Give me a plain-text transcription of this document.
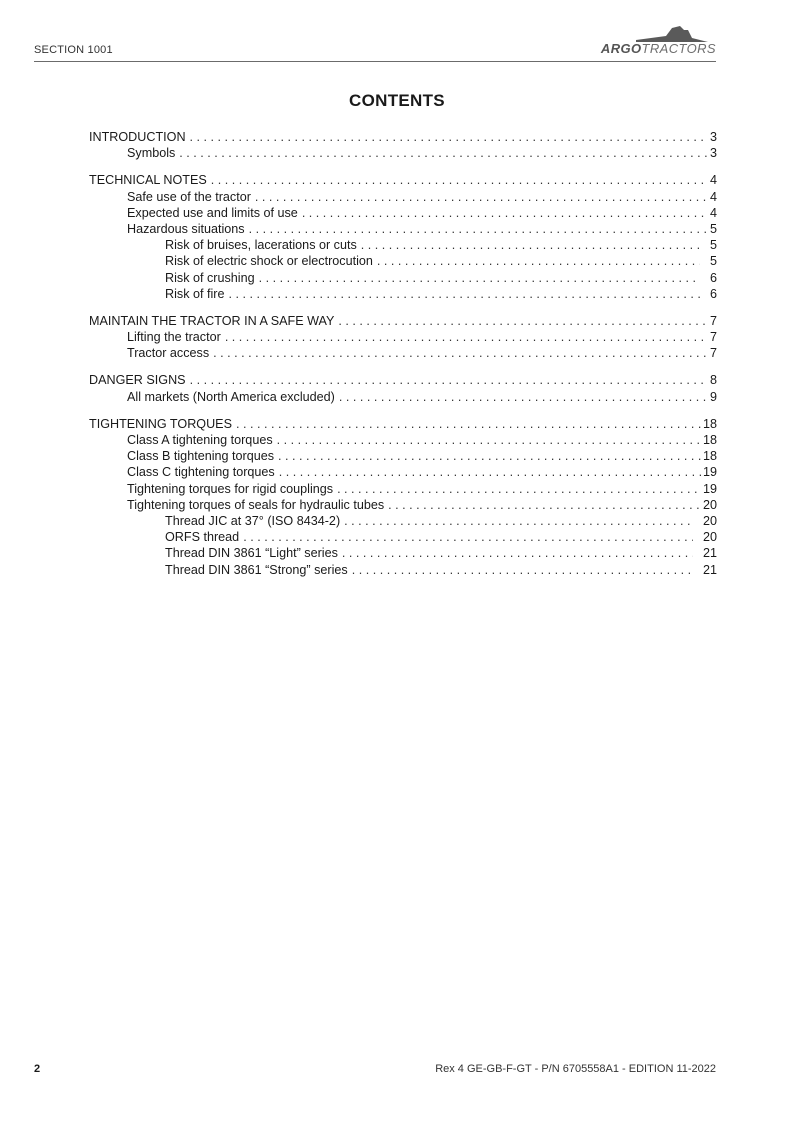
SECTION 1001	ARGOTRACTORS
CONTENTS
INTRODUCTION . . .	3
Symbols . . .	3
TECHNICAL NOTES . . .	4
Safe use of the tractor . . .	4
Expected use and limits of use . . .	4
Hazardous situations . . .	5
Risk of bruises, lacerations or cuts . . .	5
Risk of electric shock or electrocution . . .	5
Risk of crushing . . .	6
Risk of fire . . .	6
MAINTAIN THE TRACTOR IN A SAFE WAY . . .	7
Lifting the tractor . . .	7
Tractor access . . .	7
DANGER SIGNS . . .	8
All markets (North America excluded) . . .	9
TIGHTENING TORQUES . . .	18
Class A tightening torques . . .	18
Class B tightening torques . . .	18
Class C tightening torques . . .	19
Tightening torques for rigid couplings . . .	19
Tightening torques of seals for hydraulic tubes . . .	20
Thread JIC at 37° (ISO 8434-2) . . .	20
ORFS thread . . .	20
Thread DIN 3861 “Light” series . . .	21
Thread DIN 3861 “Strong” series . . .	21
2	Rex 4 GE-GB-F-GT - P/N 6705558A1 - EDITION 11-2022
